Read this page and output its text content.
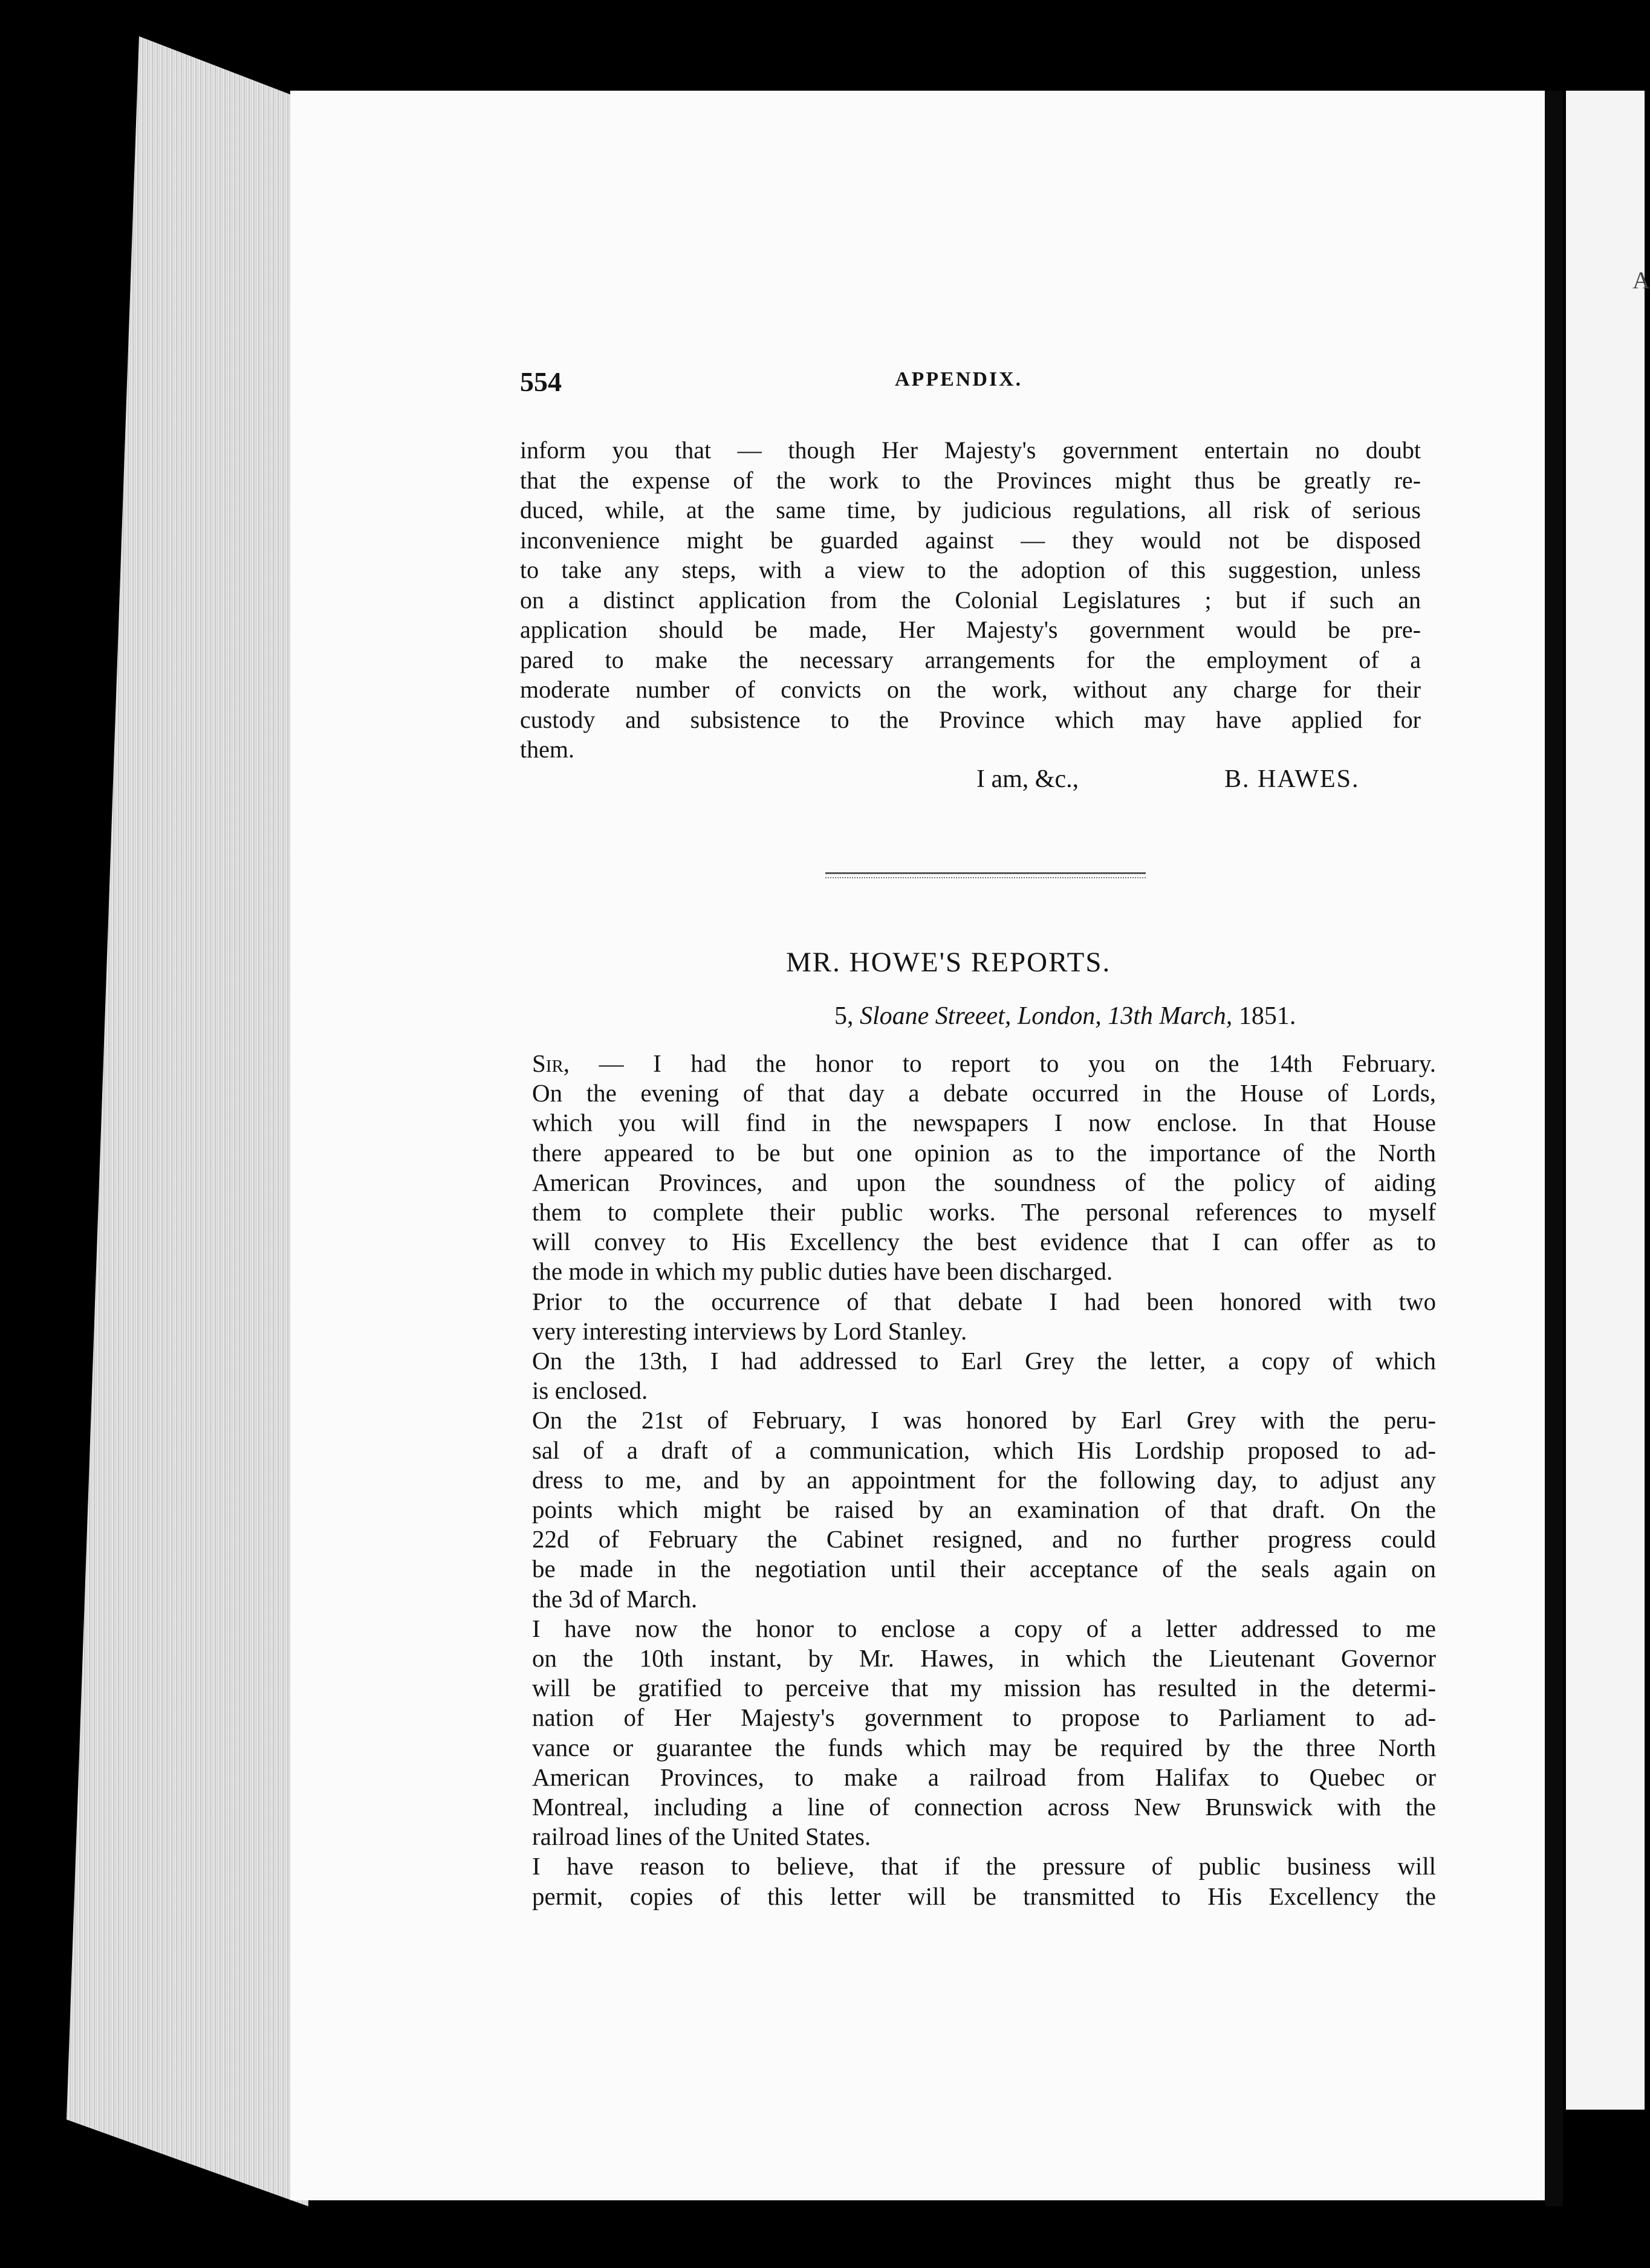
A
554	APPENDIX.
inform you that — though Her Majesty's government entertain no doubt
that the expense of the work to the Provinces might thus be greatly re-
duced, while, at the same time, by judicious regulations, all risk of serious
inconvenience might be guarded against — they would not be disposed
to take any steps, with a view to the adoption of this suggestion, unless
on a distinct application from the Colonial Legislatures ; but if such an
application should be made, Her Majesty's government would be pre-
pared to make the necessary arrangements for the employment of a
moderate number of convicts on the work, without any charge for their
custody and subsistence to the Province which may have applied for
them.
I am, &c.,	B. HAWES.
MR. HOWE'S REPORTS.
5, Sloane Streeet, London, 13th March, 1851.
Sir, — I had the honor to report to you on the 14th February.
On the evening of that day a debate occurred in the House of Lords,
which you will find in the newspapers I now enclose. In that House
there appeared to be but one opinion as to the importance of the North
American Provinces, and upon the soundness of the policy of aiding
them to complete their public works. The personal references to myself
will convey to His Excellency the best evidence that I can offer as to
the mode in which my public duties have been discharged.
Prior to the occurrence of that debate I had been honored with two
very interesting interviews by Lord Stanley.
On the 13th, I had addressed to Earl Grey the letter, a copy of which
is enclosed.
On the 21st of February, I was honored by Earl Grey with the peru-
sal of a draft of a communication, which His Lordship proposed to ad-
dress to me, and by an appointment for the following day, to adjust any
points which might be raised by an examination of that draft. On the
22d of February the Cabinet resigned, and no further progress could
be made in the negotiation until their acceptance of the seals again on
the 3d of March.
I have now the honor to enclose a copy of a letter addressed to me
on the 10th instant, by Mr. Hawes, in which the Lieutenant Governor
will be gratified to perceive that my mission has resulted in the determi-
nation of Her Majesty's government to propose to Parliament to ad-
vance or guarantee the funds which may be required by the three North
American Provinces, to make a railroad from Halifax to Quebec or
Montreal, including a line of connection across New Brunswick with the
railroad lines of the United States.
I have reason to believe, that if the pressure of public business will
permit, copies of this letter will be transmitted to His Excellency the
